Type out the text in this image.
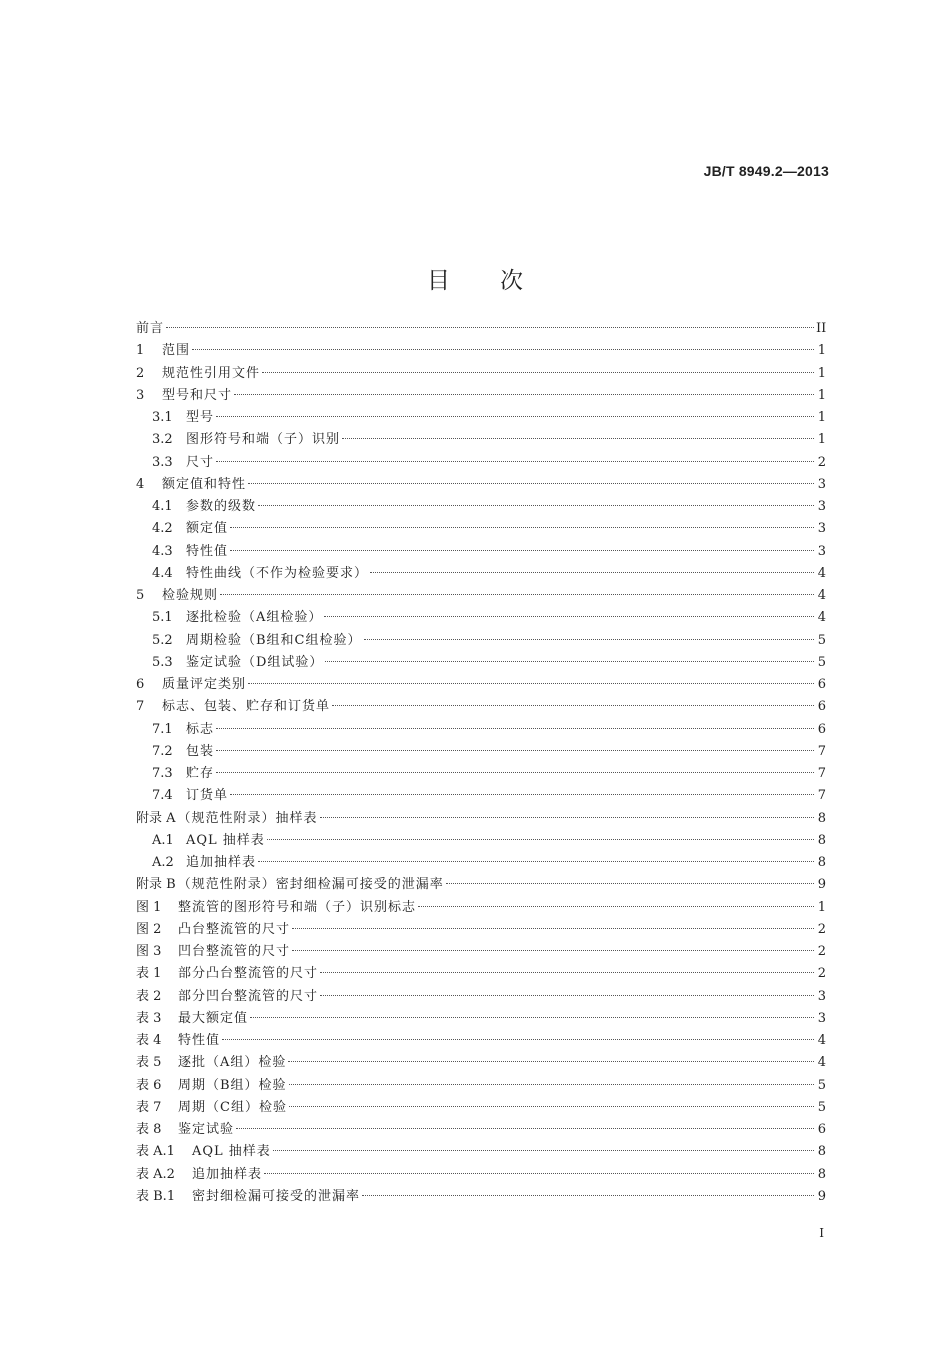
JB/T 8949.2—2013
目 次
前言	II
1	范围	1
2	规范性引用文件	1
3	型号和尺寸	1
3.1	型号	1
3.2	图形符号和端（子）识别	1
3.3	尺寸	2
4	额定值和特性	3
4.1	参数的级数	3
4.2	额定值	3
4.3	特性值	3
4.4	特性曲线（不作为检验要求）	4
5	检验规则	4
5.1	逐批检验（A组检验）	4
5.2	周期检验（B组和C组检验）	5
5.3	鉴定试验（D组试验）	5
6	质量评定类别	6
7	标志、包装、贮存和订货单	6
7.1	标志	6
7.2	包装	7
7.3	贮存	7
7.4	订货单	7
附录 A （规范性附录）抽样表	8
A.1 AQL 抽样表	8
A.2 追加抽样表	8
附录 B （规范性附录）密封细检漏可接受的泄漏率	9
图 1	整流管的图形符号和端（子）识别标志	1
图 2	凸台整流管的尺寸	2
图 3	凹台整流管的尺寸	2
表 1	部分凸台整流管的尺寸	2
表 2	部分凹台整流管的尺寸	3
表 3	最大额定值	3
表 4	特性值	4
表 5	逐批（A组）检验	4
表 6	周期（B组）检验	5
表 7	周期（C组）检验	5
表 8	鉴定试验	6
表 A.1	AQL 抽样表	8
表 A.2	追加抽样表	8
表 B.1	密封细检漏可接受的泄漏率	9
I
